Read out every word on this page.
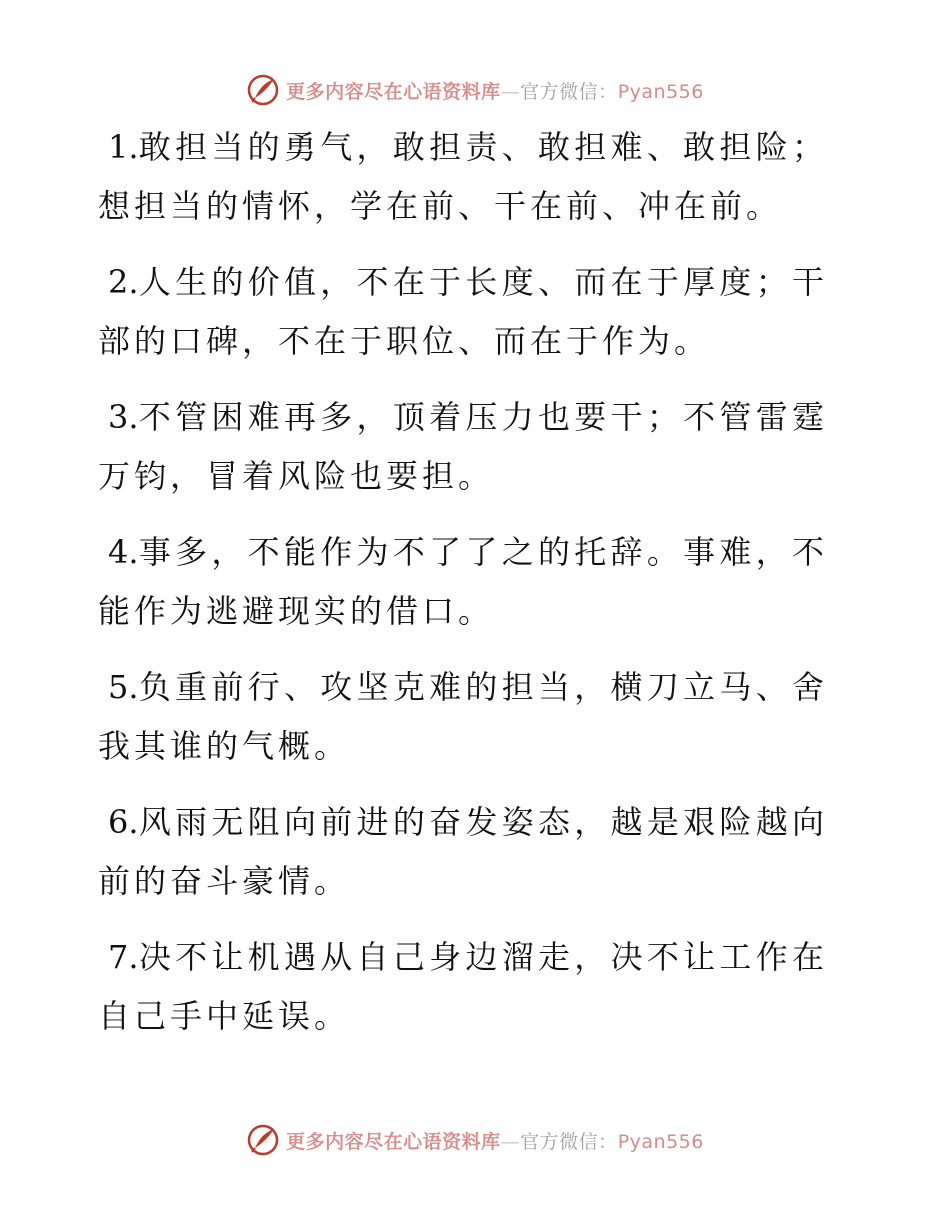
更多内容尽在心语资料库—官方微信：Pyan556

1.敢担当的勇气，敢担责、敢担难、敢担险；想担当的情怀，学在前、干在前、冲在前。

2.人生的价值，不在于长度、而在于厚度；干部的口碑，不在于职位、而在于作为。

3.不管困难再多，顶着压力也要干；不管雷霆万钧，冒着风险也要担。

4.事多，不能作为不了了之的托辞。事难，不能作为逃避现实的借口。

5.负重前行、攻坚克难的担当，横刀立马、舍我其谁的气概。

6.风雨无阻向前进的奋发姿态，越是艰险越向前的奋斗豪情。

7.决不让机遇从自己身边溜走，决不让工作在自己手中延误。

更多内容尽在心语资料库—官方微信：Pyan556
